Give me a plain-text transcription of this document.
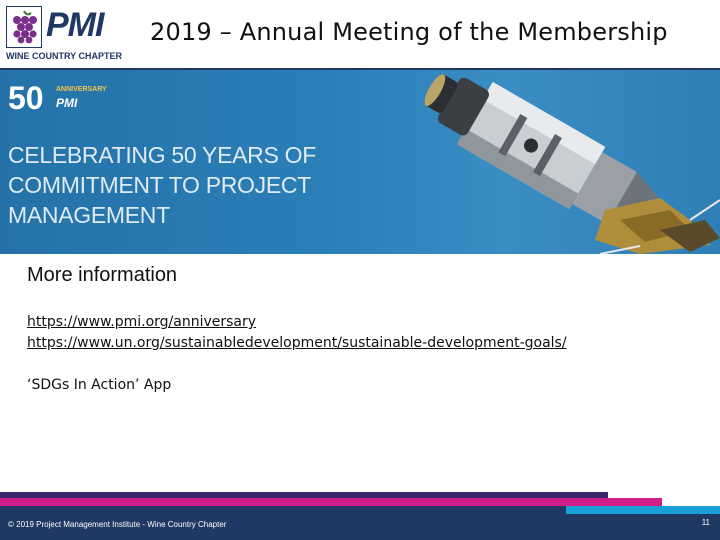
PMI
WINE COUNTRY CHAPTER
2019 – Annual Meeting of the Membership
50 ANNIVERSARY
PMI
CELEBRATING 50 YEARS OF
COMMITMENT TO PROJECT
MANAGEMENT
More information
https://www.pmi.org/anniversary
https://www.un.org/sustainabledevelopment/sustainable-development-goals/
‘SDGs In Action’ App
© 2019 Project Management Institute - Wine Country Chapter	11
